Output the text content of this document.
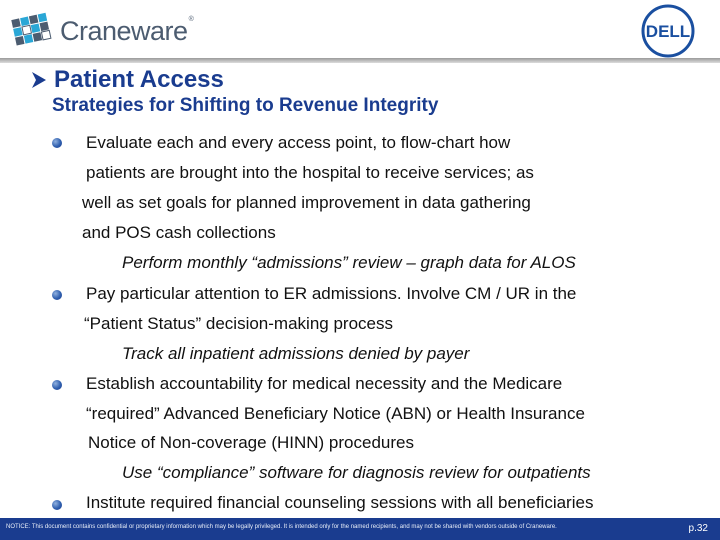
Craneware®
DELL
Patient Access
Strategies for Shifting to Revenue Integrity
Evaluate each and every access point, to flow-chart how
patients are brought into the hospital to receive services; as
well as set goals for planned improvement in data gathering
and POS cash collections
Perform monthly “admissions” review – graph data for ALOS
Pay particular attention to ER admissions. Involve CM / UR in the
“Patient Status” decision-making process
Track all inpatient admissions denied by payer
Establish accountability for medical necessity and the Medicare
“required” Advanced Beneficiary Notice (ABN) or Health Insurance
Notice of Non-coverage (HINN) procedures
Use “compliance” software for diagnosis review for outpatients
Institute required financial counseling sessions with all beneficiaries
NOTICE: This document contains confidential or proprietary information which may be legally privileged. It is intended only for the named recipients, and may not be shared with vendors outside of Craneware.	p.32
